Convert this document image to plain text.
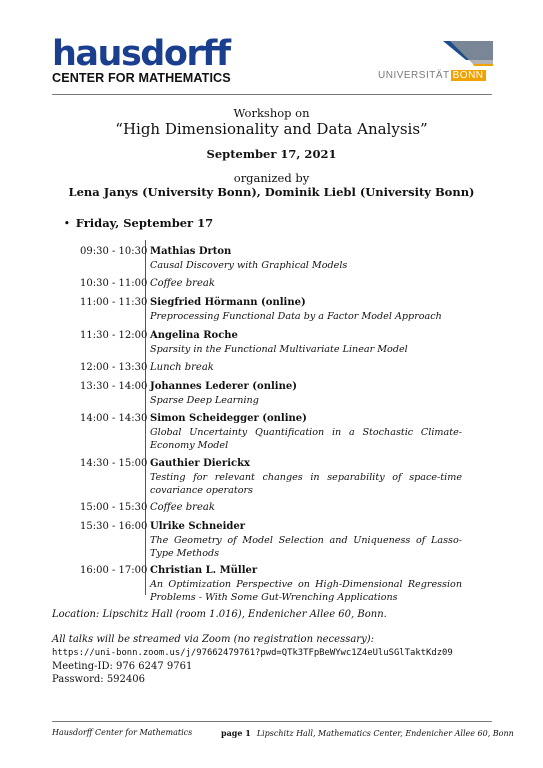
hausdorff
CENTER FOR MATHEMATICS	UNIVERSITÄT BONN
Workshop on
“High Dimensionality and Data Analysis”
September 17, 2021
organized by
Lena Janys (University Bonn), Dominik Liebl (University Bonn)
• Friday, September 17
09:30 - 10:30 Mathias Drton
Causal Discovery with Graphical Models
10:30 - 11:00 Coffee break
11:00 - 11:30 Siegfried Hörmann (online)
Preprocessing Functional Data by a Factor Model Approach
11:30 - 12:00 Angelina Roche
Sparsity in the Functional Multivariate Linear Model
12:00 - 13:30 Lunch break
13:30 - 14:00 Johannes Lederer (online)
Sparse Deep Learning
14:00 - 14:30 Simon Scheidegger (online)
Global Uncertainty Quantification in a Stochastic Climate-Economy Model
14:30 - 15:00 Gauthier Dierickx
Testing for relevant changes in separability of space-time covariance operators
15:00 - 15:30 Coffee break
15:30 - 16:00 Ulrike Schneider
The Geometry of Model Selection and Uniqueness of Lasso-Type Methods
16:00 - 17:00 Christian L. Müller
An Optimization Perspective on High-Dimensional Regression Problems - With Some Gut-Wrenching Applications
Location: Lipschitz Hall (room 1.016), Endenicher Allee 60, Bonn.
All talks will be streamed via Zoom (no registration necessary):
https://uni-bonn.zoom.us/j/97662479761?pwd=QTk3TFpBeWYwc1Z4eUluSGlTaktKdz09
Meeting-ID: 976 6247 9761
Password: 592406
Hausdorff Center for Mathematics	page 1 Lipschitz Hall, Mathematics Center, Endenicher Allee 60, Bonn
